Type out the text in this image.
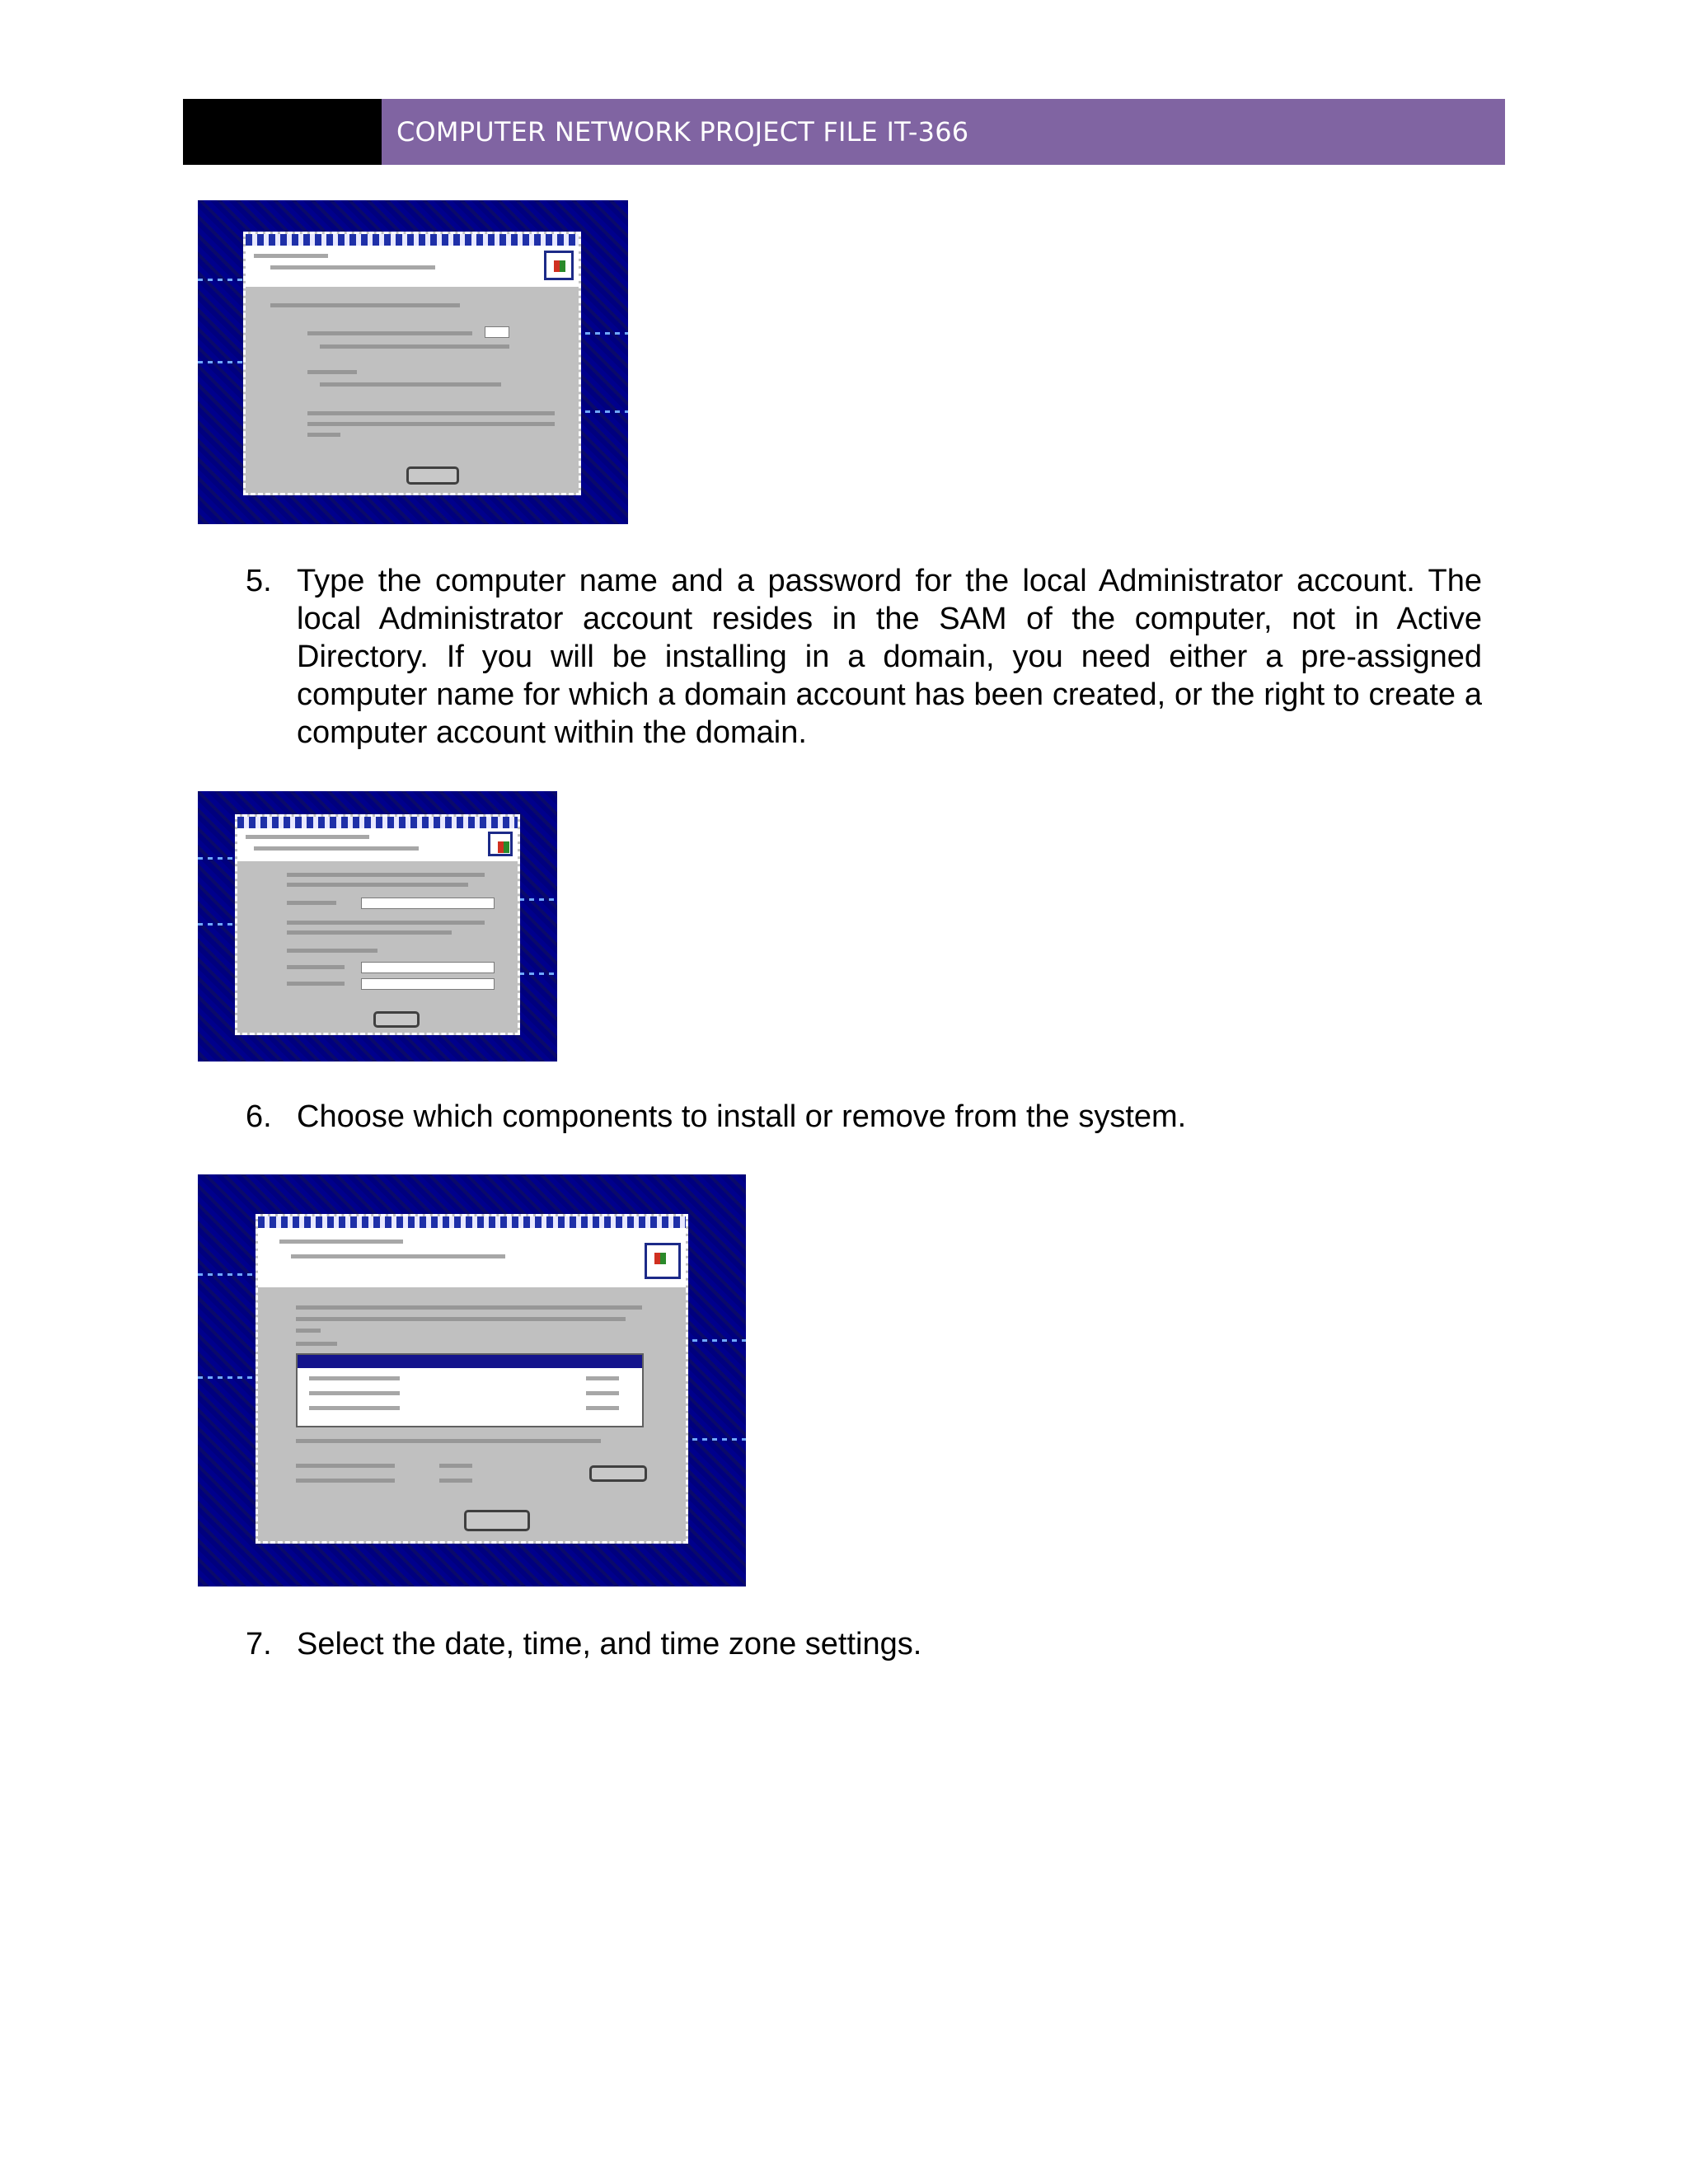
COMPUTER NETWORK PROJECT FILE IT-366
5. Type the computer name and a password for the local Administrator account. The local Administrator account resides in the SAM of the computer, not in Active Directory. If you will be installing in a domain, you need either a pre-assigned computer name for which a domain account has been created, or the right to create a computer account within the domain.
6. Choose which components to install or remove from the system.
7. Select the date, time, and time zone settings.
